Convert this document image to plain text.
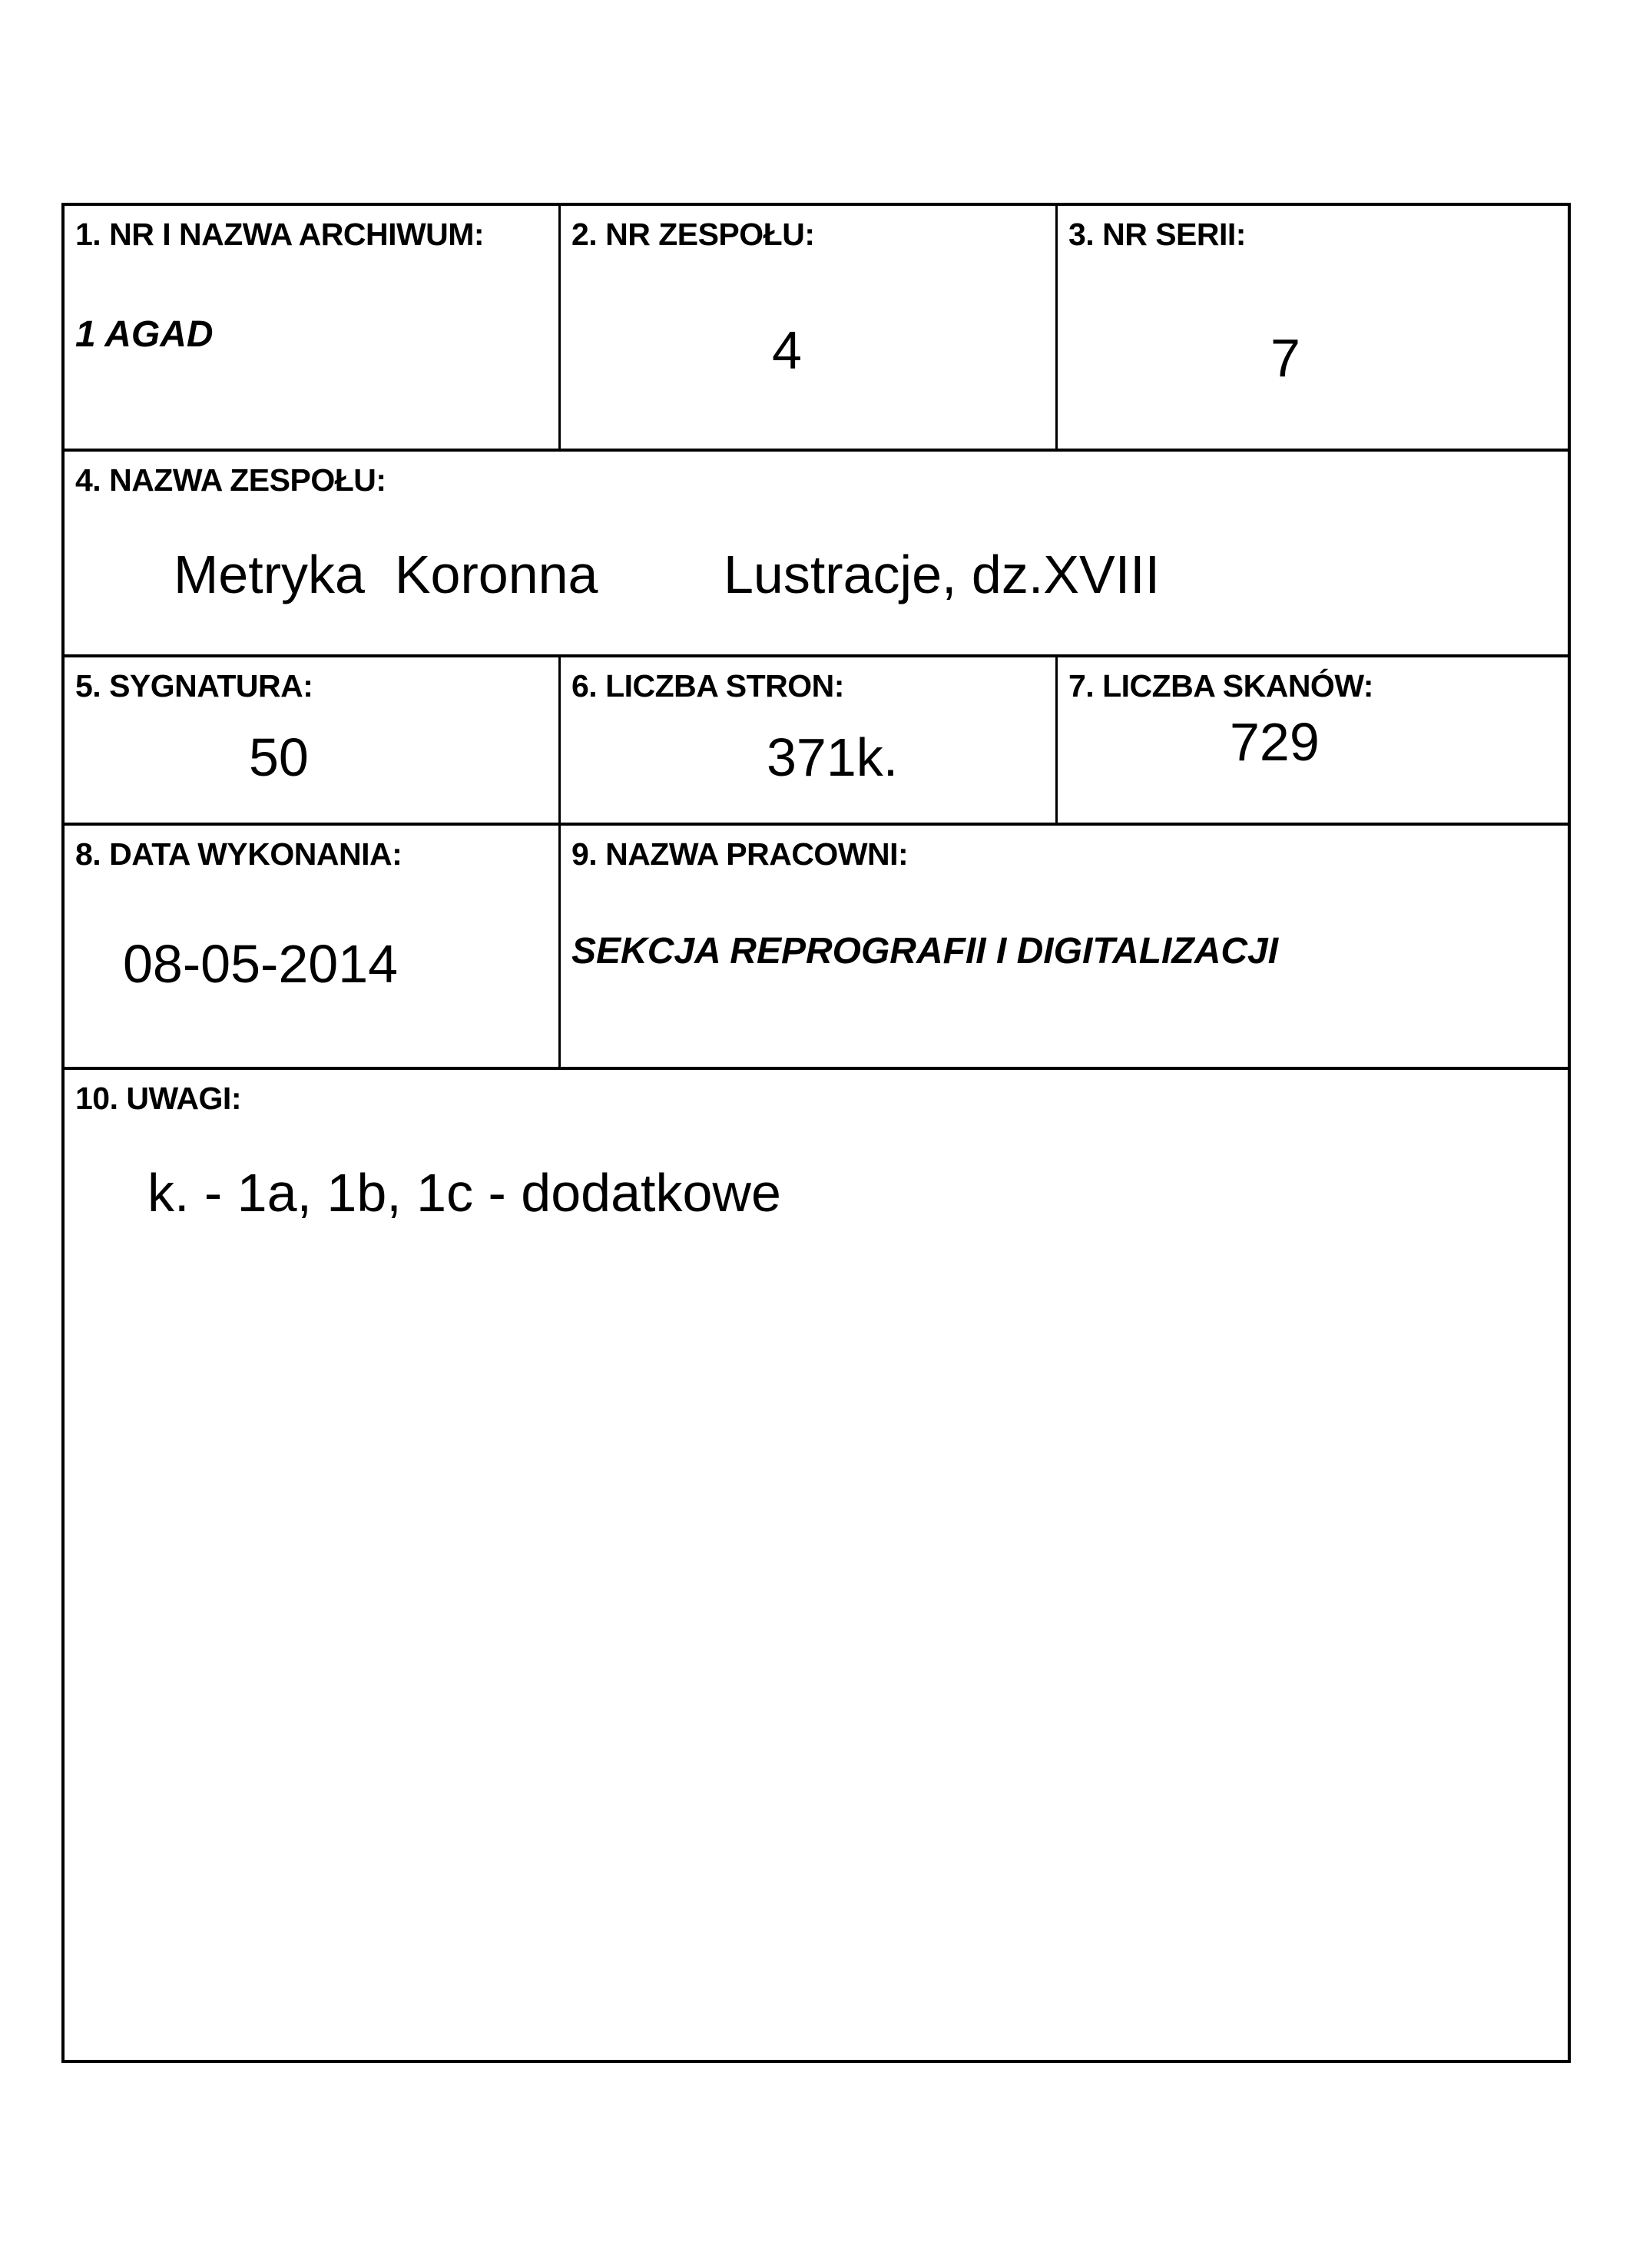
1. NR I NAZWA ARCHIWUM:
1 AGAD
2. NR ZESPOŁU:
4
3. NR SERII:
7
4. NAZWA ZESPOŁU:
Metryka  Koronna Lustracje, dz.XVIII
5. SYGNATURA:
50
6. LICZBA STRON:
371k.
7. LICZBA SKANÓW:
729
8. DATA WYKONANIA:
08-05-2014
9. NAZWA PRACOWNI:
SEKCJA REPROGRAFII I DIGITALIZACJI
10. UWAGI:
k. - 1a, 1b, 1c - dodatkowe
